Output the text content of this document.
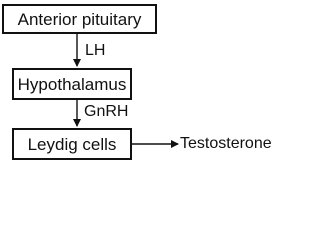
Anterior pituitary
LH
Hypothalamus
GnRH
Leydig cells	Testosterone
